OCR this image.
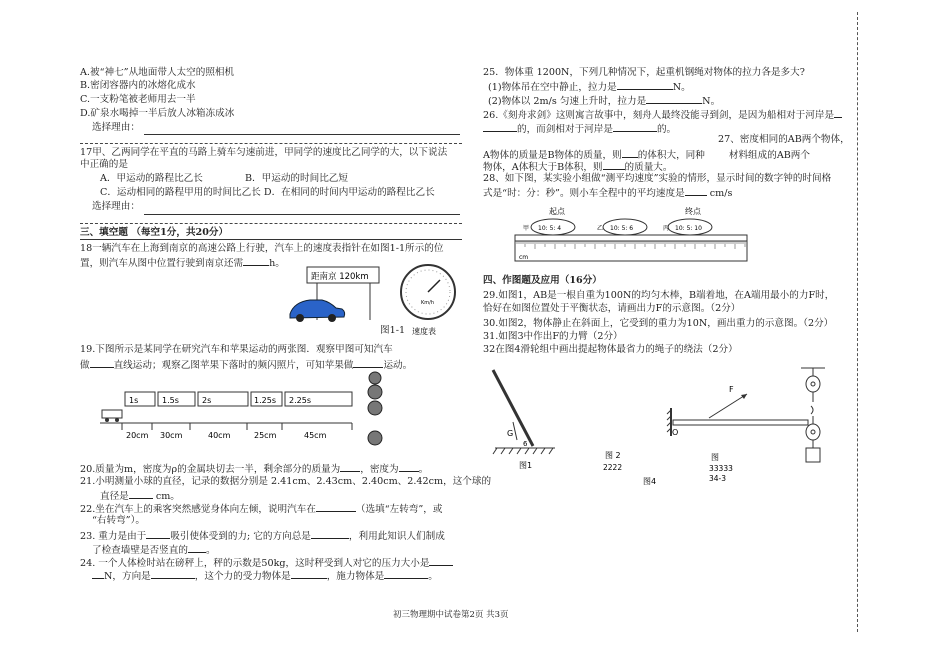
A.被“神七”从地面带人太空的照相机
B.密闭容器内的冰熔化成水
C.一支粉笔被老师用去一半
D.矿泉水喝掉一半后放人冰箱冻成冰
选择理由：
17甲、乙两同学在平直的马路上骑车匀速前进，甲同学的速度比乙同学的大，以下说法
中正确的是
A．甲运动的路程比乙长	B．甲运动的时间比乙短
C．运动相同的路程甲用的时间比乙长 D．在相同的时间内甲运动的路程比乙长
选择理由：
三、填空题 （每空1分，共20分）
18一辆汽车在上海到南京的高速公路上行驶，汽车上的速度表指针在如图1-1所示的位
置，则汽车从图中位置行驶到南京还需	h。
距南京 120km
Km/h
速度表
图1-1
19.下图所示是某同学在研究汽车和苹果运动的两张图．观察甲图可知汽车
做	直线运动；观察乙图苹果下落时的频闪照片，可知苹果做	运动。
1s	1.5s	2s	1.25s 2.25s
20cm 30cm	40cm	25cm	45cm
20.质量为m，密度为ρ的金属块切去一半，剩余部分的质量为 ，密度为 。
21.小明测量小球的直径，记录的数据分别是 2.41cm、2.43cm、2.40cm、2.42cm，这个球的
直径是	cm。
22.坐在汽车上的乘客突然感觉身体向左倾，说明汽车在	（选填“左转弯”，或
“右转弯”）。
23. 重力是由于	吸引使体受到的力; 它的方向总是	，利用此知识人们制成
了检查墙壁是否竖直的 。
24. 一个人体检时站在磅秤上，秤的示数是50kg，这时秤受到人对它的压力大小是
N，方向是	，这个力的受力物体是	，施力物体是	。
25．物体重 1200N，下列几种情况下，起重机钢绳对物体的拉力各是多大?
(1)物体吊在空中静止，拉力是	N。
(2)物体以 2m/s 匀速上升时，拉力是	N。
26.《刻舟求剑》这则寓言故事中，刻舟人最终没能寻到剑，是因为船相对于河岸是
的，而剑相对于河岸是	的。
27、密度相同的AB两个物体，
A物体的质量是B物体的质量，则 的体积大，同种	材料组成的AB两个
物体，A体积大于B体积，则 的质量大。
28、如下图，某实验小组做“测平均速度”实验的情形，显示时间的数字钟的时间格
式是“时：分：秒”。则小车全程中的平均速度是 cm/s
起点	终点
10: 5: 4	10: 5: 6	10: 5: 10
甲	乙	丙
cm
四、作图题及应用（16分）
29.如图1，AB是一根自重为100N的均匀木棒，B端着地，在A端用最小的力F时，
恰好在如图位置处于平衡状态，请画出力F的示意图。（2分）
30.如图2，物体静止在斜面上，它受到的重力为10N，画出重力的示意图。（2分）
31.如图3中作出F的力臂（2分）
32在图4滑轮组中画出提起物体最省力的绳子的绕法（2分）
G
6
图1
图 2
2222
F
O
图
33333
34-3
图4
初三物理期中试卷第2页 共3页
